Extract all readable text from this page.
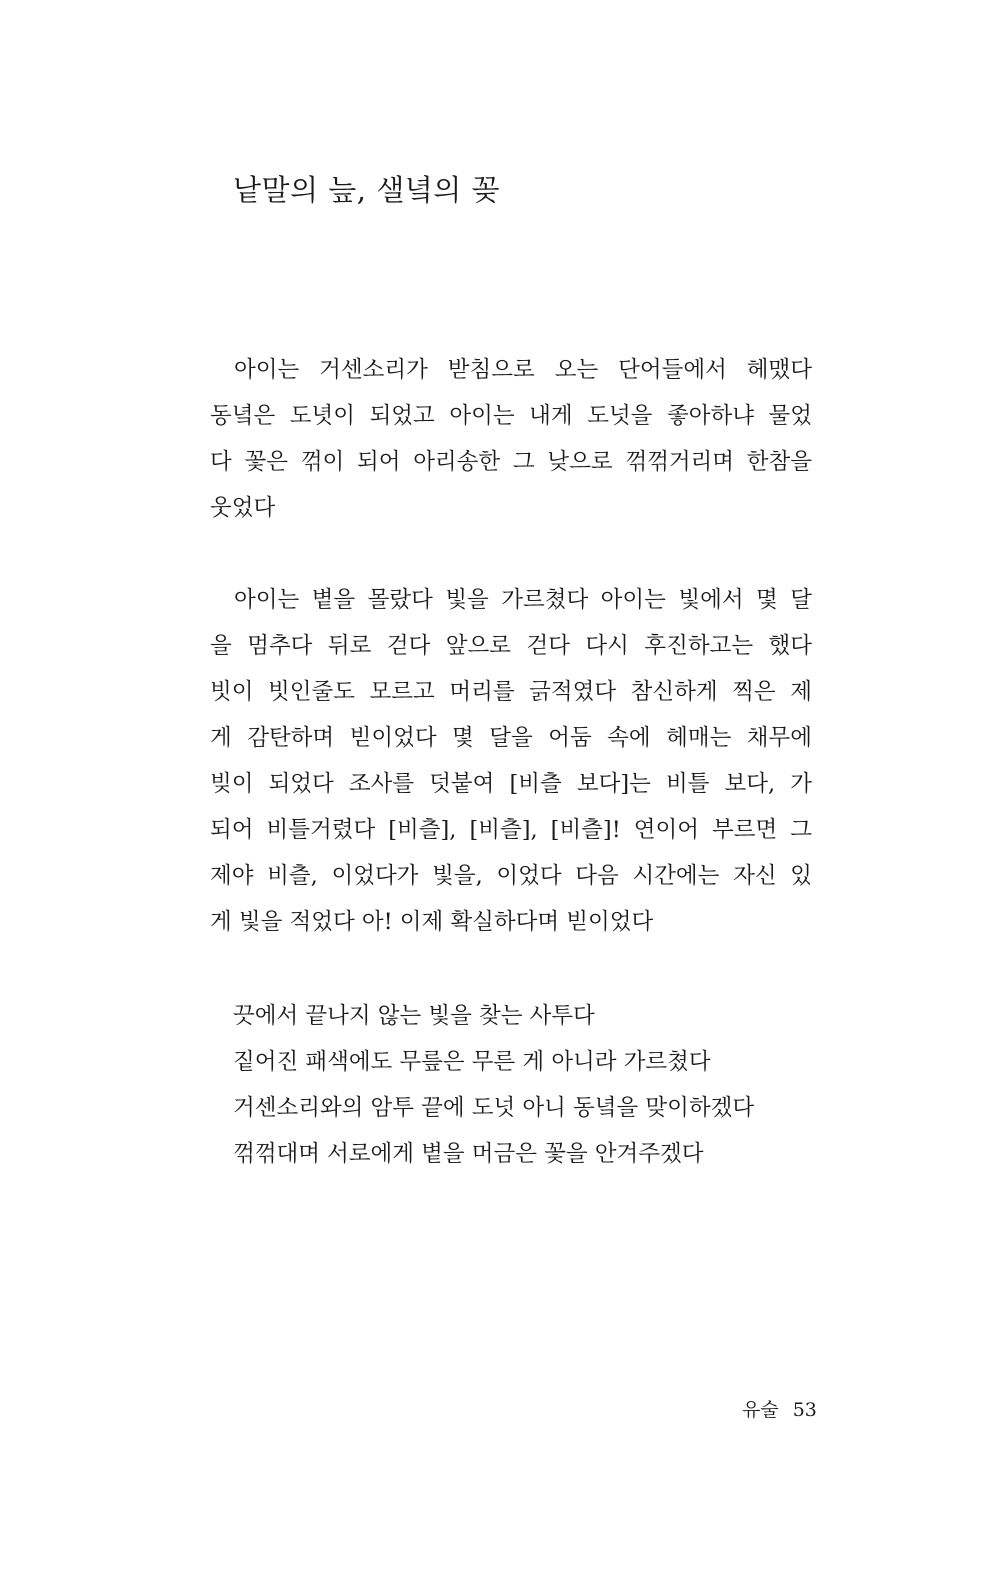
낱말의 늪, 샐녘의 꽂
아이는 거센소리가 받침으로 오는 단어들에서 헤맸다
동녘은 도녓이 되었고 아이는 내게 도넛을 좋아하냐 물었
다 꽃은 꺾이 되어 아리송한 그 낮으로 꺾꺾거리며 한참을
웃었다
아이는 볕을 몰랐다 빛을 가르쳤다 아이는 빛에서 몇 달
을 멈추다 뒤로 걷다 앞으로 걷다 다시 후진하고는 했다
빗이 빗인줄도 모르고 머리를 긁적였다 참신하게 찍은 제
게 감탄하며 빋이었다 몇 달을 어둠 속에 헤매는 채무에
빚이 되었다 조사를 덧붙여 [비츨 보다]는 비틀 보다, 가
되어 비틀거렸다 [비츨], [비츨], [비츨]! 연이어 부르면 그
제야 비츨, 이었다가 빛을, 이었다 다음 시간에는 자신 있
게 빛을 적었다 아! 이제 확실하다며 빋이었다
끗에서 끝나지 않는 빛을 찾는 사투다
짙어진 패색에도 무릎은 무른 게 아니라 가르쳤다
거센소리와의 암투 끝에 도넛 아니 동녘을 맞이하겠다
꺾꺾대며 서로에게 볕을 머금은 꽃을 안겨주겠다
유술 53
